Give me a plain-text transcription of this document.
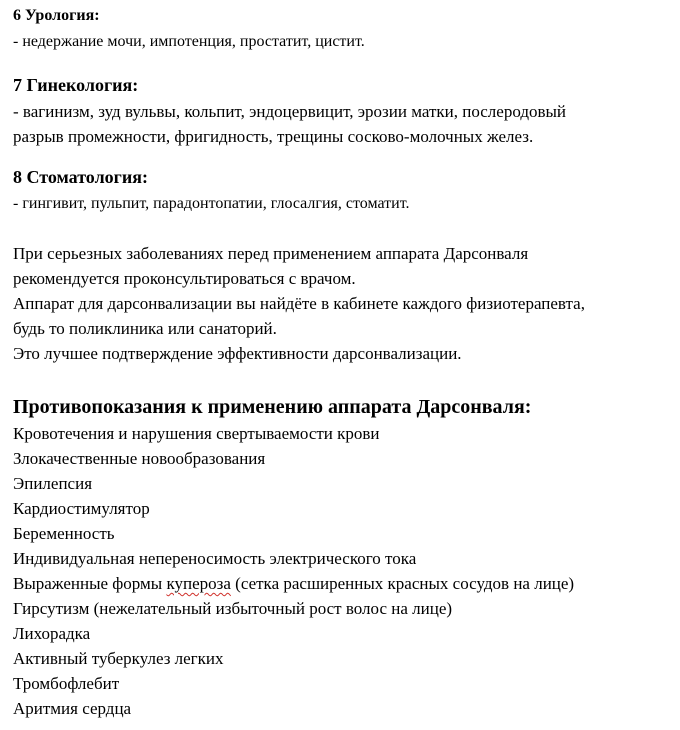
6 Урология:
- недержание мочи, импотенция, простатит, цистит.
7 Гинекология:
- вагинизм, зуд вульвы, кольпит, эндоцервицит, эрозии матки, послеродовый
разрыв промежности, фригидность, трещины сосково-молочных желез.
8 Стоматология:
- гингивит, пульпит, парадонтопатии, глосалгия, стоматит.
При серьезных заболеваниях перед применением аппарата Дарсонваля
рекомендуется проконсультироваться с врачом.
Аппарат для дарсонвализации вы найдёте в кабинете каждого физиотерапевта,
будь то поликлиника или санаторий.
Это лучшее подтверждение эффективности дарсонвализации.
Противопоказания к применению аппарата Дарсонваля:
Кровотечения и нарушения свертываемости крови
Злокачественные новообразования
Эпилепсия
Кардиостимулятор
Беременность
Индивидуальная непереносимость электрического тока
Выраженные формы купероза (сетка расширенных красных сосудов на лице)
Гирсутизм (нежелательный избыточный рост волос на лице)
Лихорадка
Активный туберкулез легких
Тромбофлебит
Аритмия сердца
